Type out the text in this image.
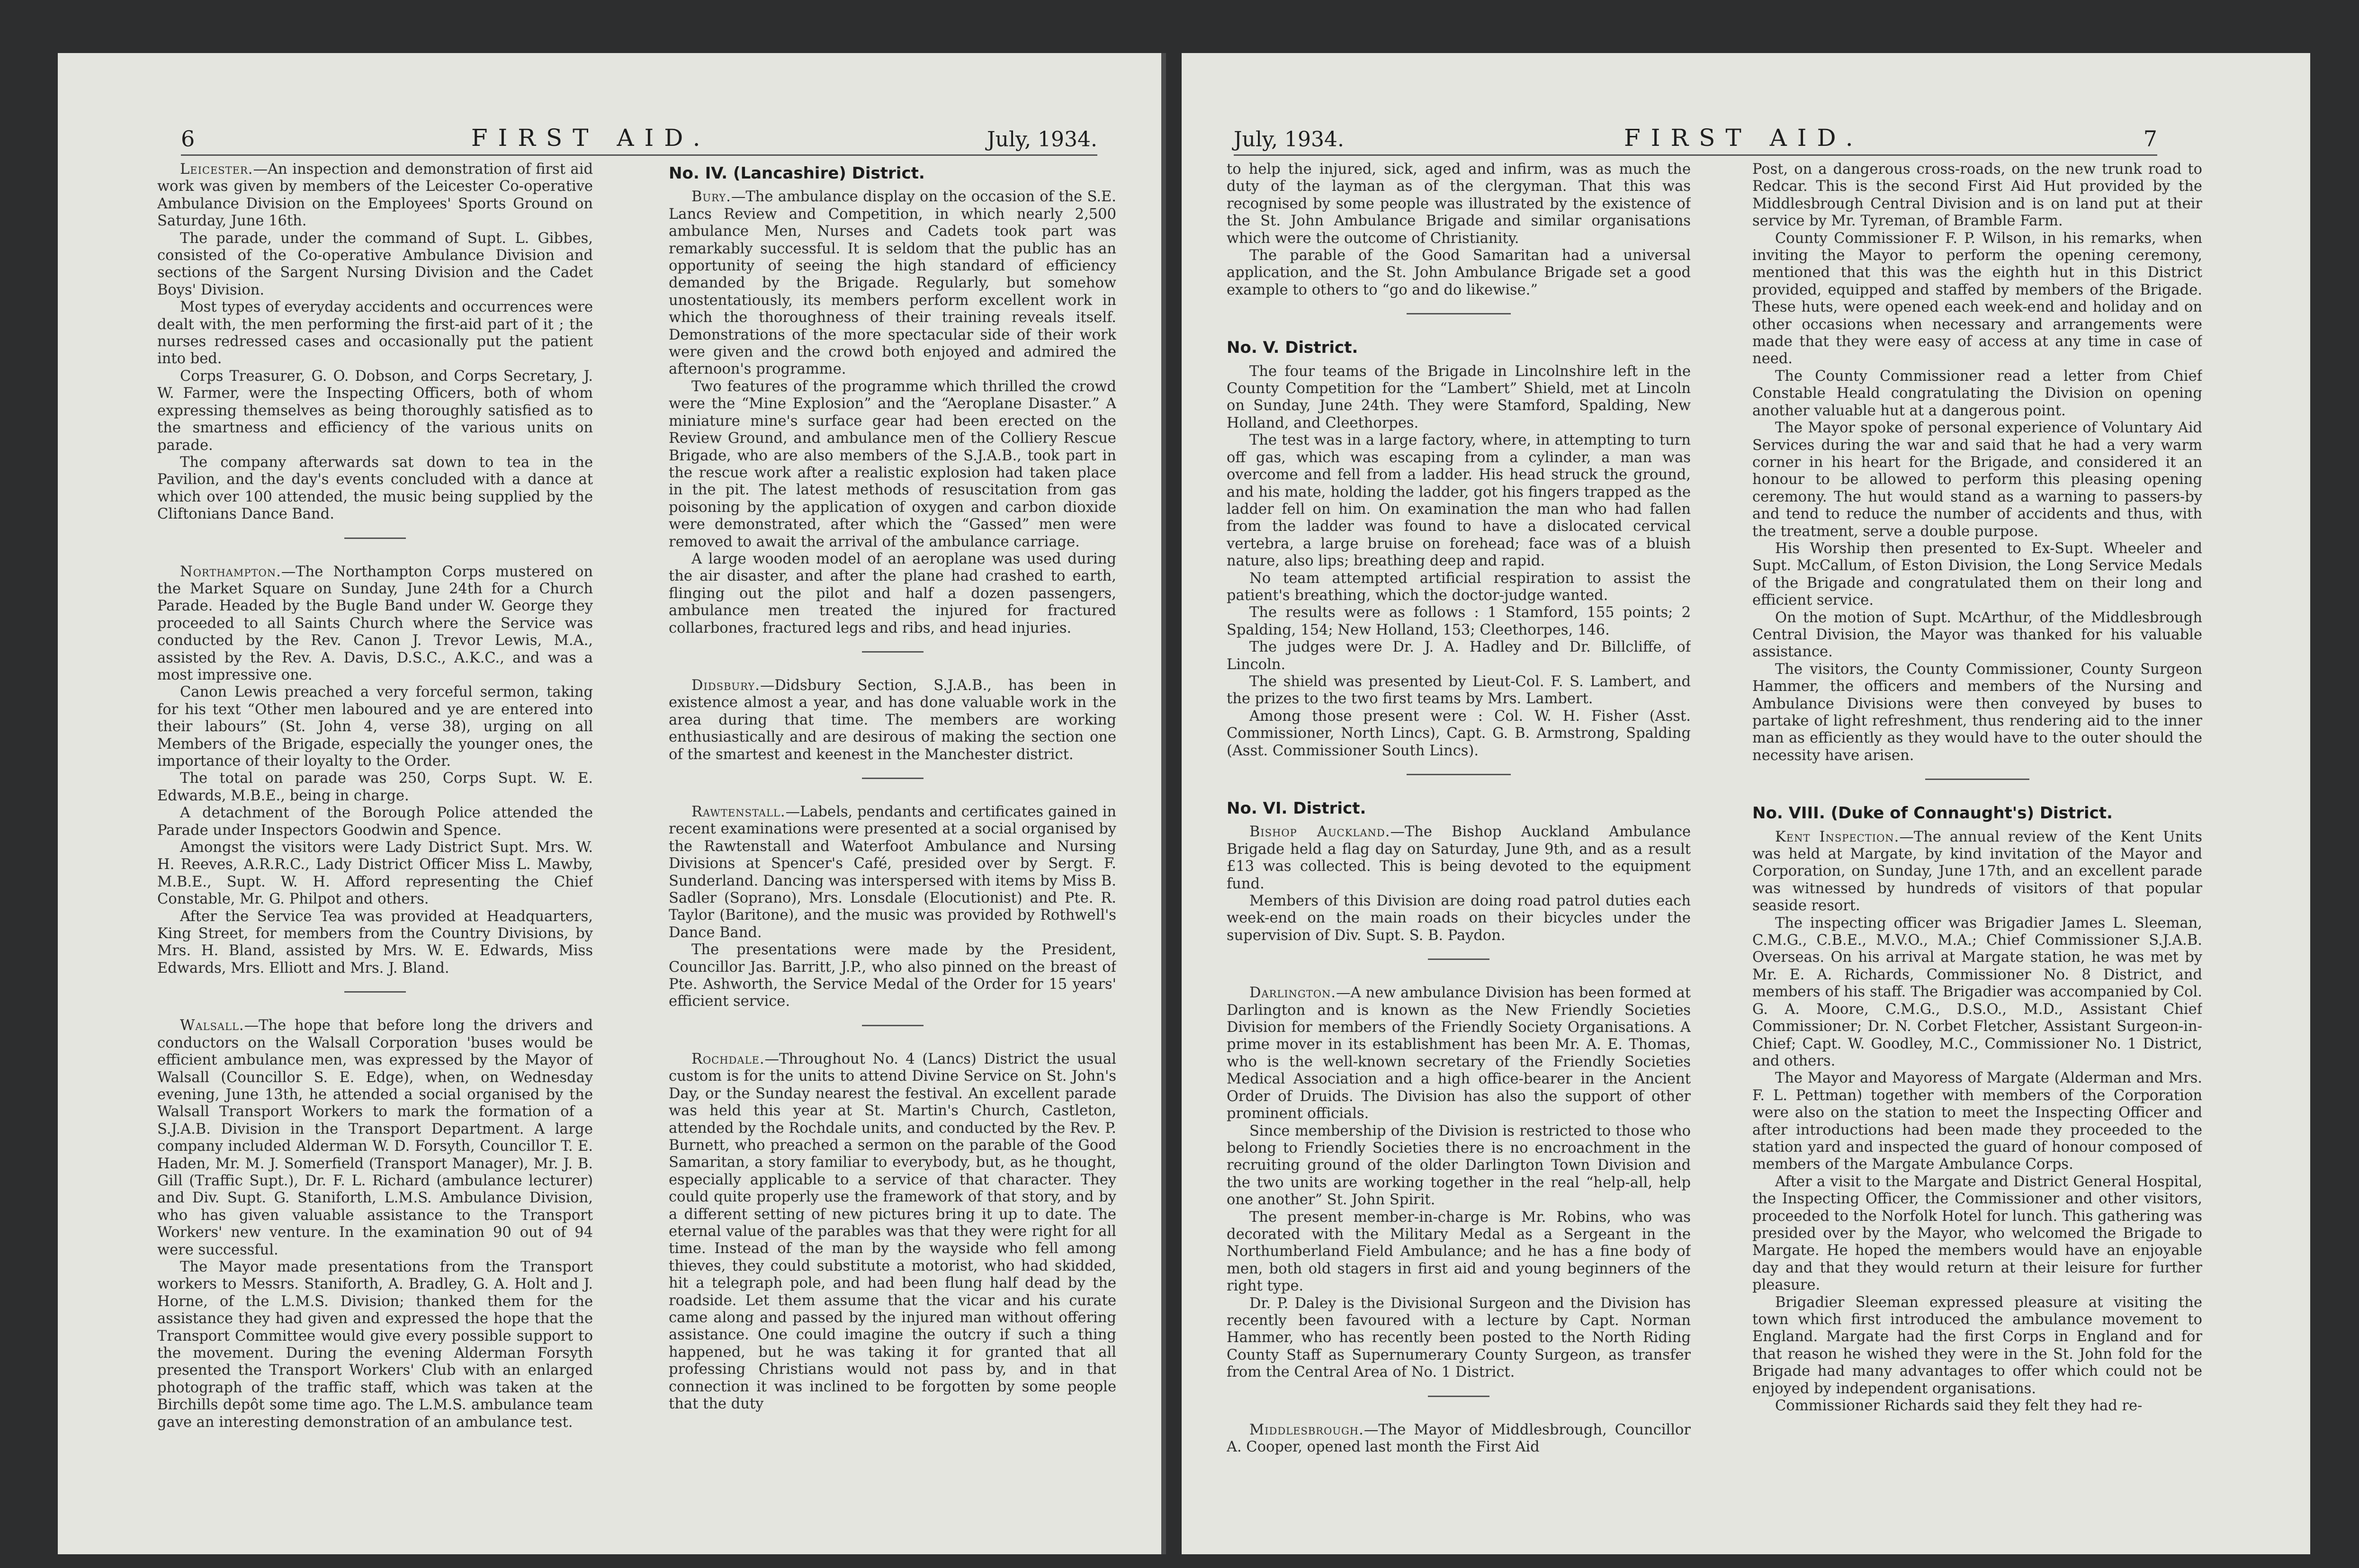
6	FIRST AID.	July, 1934.

Leicester.—An inspection and demonstration of first aid work was given by members of the Leicester Co-operative Ambulance Division on the Employees' Sports Ground on Saturday, June 16th.

The parade, under the command of Supt. L. Gibbes, consisted of the Co-operative Ambulance Division and sections of the Sargent Nursing Division and the Cadet Boys' Division.

Most types of everyday accidents and occurrences were dealt with, the men performing the first-aid part of it ; the nurses redressed cases and occasionally put the patient into bed.

Corps Treasurer, G. O. Dobson, and Corps Secretary, J. W. Farmer, were the Inspecting Officers, both of whom expressing themselves as being thoroughly satisfied as to the smartness and efficiency of the various units on parade.

The company afterwards sat down to tea in the Pavilion, and the day's events concluded with a dance at which over 100 attended, the music being supplied by the Cliftonians Dance Band.

Northampton.—The Northampton Corps mustered on the Market Square on Sunday, June 24th for a Church Parade. Headed by the Bugle Band under W. George they proceeded to all Saints Church where the Service was conducted by the Rev. Canon J. Trevor Lewis, M.A., assisted by the Rev. A. Davis, D.S.C., A.K.C., and was a most impressive one.

Canon Lewis preached a very forceful sermon, taking for his text “Other men laboured and ye are entered into their labours” (St. John 4, verse 38), urging on all Members of the Brigade, especially the younger ones, the importance of their loyalty to the Order.

The total on parade was 250, Corps Supt. W. E. Edwards, M.B.E., being in charge.

A detachment of the Borough Police attended the Parade under Inspectors Goodwin and Spence.

Amongst the visitors were Lady District Supt. Mrs. W. H. Reeves, A.R.R.C., Lady District Officer Miss L. Mawby, M.B.E., Supt. W. H. Afford representing the Chief Constable, Mr. G. Philpot and others.

After the Service Tea was provided at Headquarters, King Street, for members from the Country Divisions, by Mrs. H. Bland, assisted by Mrs. W. E. Edwards, Miss Edwards, Mrs. Elliott and Mrs. J. Bland.

Walsall.—The hope that before long the drivers and conductors on the Walsall Corporation 'buses would be efficient ambulance men, was expressed by the Mayor of Walsall (Councillor S. E. Edge), when, on Wednesday evening, June 13th, he attended a social organised by the Walsall Transport Workers to mark the formation of a S.J.A.B. Division in the Transport Department. A large company included Alderman W. D. Forsyth, Councillor T. E. Haden, Mr. M. J. Somerfield (Transport Manager), Mr. J. B. Gill (Traffic Supt.), Dr. F. L. Richard (ambulance lecturer) and Div. Supt. G. Staniforth, L.M.S. Ambulance Division, who has given valuable assistance to the Transport Workers' new venture. In the examination 90 out of 94 were successful.

The Mayor made presentations from the Transport workers to Messrs. Staniforth, A. Bradley, G. A. Holt and J. Horne, of the L.M.S. Division; thanked them for the assistance they had given and expressed the hope that the Transport Committee would give every possible support to the movement. During the evening Alderman Forsyth presented the Transport Workers' Club with an enlarged photograph of the traffic staff, which was taken at the Birchills depôt some time ago. The L.M.S. ambulance team gave an interesting demonstration of an ambulance test.

No. IV. (Lancashire) District.

Bury.—The ambulance display on the occasion of the S.E. Lancs Review and Competition, in which nearly 2,500 ambulance Men, Nurses and Cadets took part was remarkably successful. It is seldom that the public has an opportunity of seeing the high standard of efficiency demanded by the Brigade. Regularly, but somehow unostentatiously, its members perform excellent work in which the thoroughness of their training reveals itself. Demonstrations of the more spectacular side of their work were given and the crowd both enjoyed and admired the afternoon's programme.

Two features of the programme which thrilled the crowd were the “Mine Explosion” and the “Aeroplane Disaster.” A miniature mine's surface gear had been erected on the Review Ground, and ambulance men of the Colliery Rescue Brigade, who are also members of the S.J.A.B., took part in the rescue work after a realistic explosion had taken place in the pit. The latest methods of resuscitation from gas poisoning by the application of oxygen and carbon dioxide were demonstrated, after which the “Gassed” men were removed to await the arrival of the ambulance carriage.

A large wooden model of an aeroplane was used during the air disaster, and after the plane had crashed to earth, flinging out the pilot and half a dozen passengers, ambulance men treated the injured for fractured collarbones, fractured legs and ribs, and head injuries.

Didsbury.—Didsbury Section, S.J.A.B., has been in existence almost a year, and has done valuable work in the area during that time. The members are working enthusiastically and are desirous of making the section one of the smartest and keenest in the Manchester district.

Rawtenstall.—Labels, pendants and certificates gained in recent examinations were presented at a social organised by the Rawtenstall and Waterfoot Ambulance and Nursing Divisions at Spencer's Café, presided over by Sergt. F. Sunderland. Dancing was interspersed with items by Miss B. Sadler (Soprano), Mrs. Lonsdale (Elocutionist) and Pte. R. Taylor (Baritone), and the music was provided by Rothwell's Dance Band.

The presentations were made by the President, Councillor Jas. Barritt, J.P., who also pinned on the breast of Pte. Ashworth, the Service Medal of the Order for 15 years' efficient service.

Rochdale.—Throughout No. 4 (Lancs) District the usual custom is for the units to attend Divine Service on St. John's Day, or the Sunday nearest the festival. An excellent parade was held this year at St. Martin's Church, Castleton, attended by the Rochdale units, and conducted by the Rev. P. Burnett, who preached a sermon on the parable of the Good Samaritan, a story familiar to everybody, but, as he thought, especially applicable to a service of that character. They could quite properly use the framework of that story, and by a different setting of new pictures bring it up to date. The eternal value of the parables was that they were right for all time. Instead of the man by the wayside who fell among thieves, they could substitute a motorist, who had skidded, hit a telegraph pole, and had been flung half dead by the roadside. Let them assume that the vicar and his curate came along and passed by the injured man without offering assistance. One could imagine the outcry if such a thing happened, but he was taking it for granted that all professing Christians would not pass by, and in that connection it was inclined to be forgotten by some people that the duty

July, 1934.	FIRST AID.	7

to help the injured, sick, aged and infirm, was as much the duty of the layman as of the clergyman. That this was recognised by some people was illustrated by the existence of the St. John Ambulance Brigade and similar organisations which were the outcome of Christianity.

The parable of the Good Samaritan had a universal application, and the St. John Ambulance Brigade set a good example to others to “go and do likewise.”

No. V. District.

The four teams of the Brigade in Lincolnshire left in the County Competition for the “Lambert” Shield, met at Lincoln on Sunday, June 24th. They were Stamford, Spalding, New Holland, and Cleethorpes.

The test was in a large factory, where, in attempting to turn off gas, which was escaping from a cylinder, a man was overcome and fell from a ladder. His head struck the ground, and his mate, holding the ladder, got his fingers trapped as the ladder fell on him. On examination the man who had fallen from the ladder was found to have a dislocated cervical vertebra, a large bruise on forehead; face was of a bluish nature, also lips; breathing deep and rapid.

No team attempted artificial respiration to assist the patient's breathing, which the doctor-judge wanted.

The results were as follows : 1 Stamford, 155 points; 2 Spalding, 154; New Holland, 153; Cleethorpes, 146.

The judges were Dr. J. A. Hadley and Dr. Billcliffe, of Lincoln.

The shield was presented by Lieut-Col. F. S. Lambert, and the prizes to the two first teams by Mrs. Lambert.

Among those present were : Col. W. H. Fisher (Asst. Commissioner, North Lincs), Capt. G. B. Armstrong, Spalding (Asst. Commissioner South Lincs).

No. VI. District.

Bishop Auckland.—The Bishop Auckland Ambulance Brigade held a flag day on Saturday, June 9th, and as a result £13 was collected. This is being devoted to the equipment fund.

Members of this Division are doing road patrol duties each week-end on the main roads on their bicycles under the supervision of Div. Supt. S. B. Paydon.

Darlington.—A new ambulance Division has been formed at Darlington and is known as the New Friendly Societies Division for members of the Friendly Society Organisations. A prime mover in its establishment has been Mr. A. E. Thomas, who is the well-known secretary of the Friendly Societies Medical Association and a high office-bearer in the Ancient Order of Druids. The Division has also the support of other prominent officials.

Since membership of the Division is restricted to those who belong to Friendly Societies there is no encroachment in the recruiting ground of the older Darlington Town Division and the two units are working together in the real “help-all, help one another” St. John Spirit.

The present member-in-charge is Mr. Robins, who was decorated with the Military Medal as a Sergeant in the Northumberland Field Ambulance; and he has a fine body of men, both old stagers in first aid and young beginners of the right type.

Dr. P. Daley is the Divisional Surgeon and the Division has recently been favoured with a lecture by Capt. Norman Hammer, who has recently been posted to the North Riding County Staff as Supernumerary County Surgeon, as transfer from the Central Area of No. 1 District.

Middlesbrough.—The Mayor of Middlesbrough, Councillor A. Cooper, opened last month the First Aid

Post, on a dangerous cross-roads, on the new trunk road to Redcar. This is the second First Aid Hut provided by the Middlesbrough Central Division and is on land put at their service by Mr. Tyreman, of Bramble Farm.

County Commissioner F. P. Wilson, in his remarks, when inviting the Mayor to perform the opening ceremony, mentioned that this was the eighth hut in this District provided, equipped and staffed by members of the Brigade. These huts, were opened each week-end and holiday and on other occasions when necessary and arrangements were made that they were easy of access at any time in case of need.

The County Commissioner read a letter from Chief Constable Heald congratulating the Division on opening another valuable hut at a dangerous point.

The Mayor spoke of personal experience of Voluntary Aid Services during the war and said that he had a very warm corner in his heart for the Brigade, and considered it an honour to be allowed to perform this pleasing opening ceremony. The hut would stand as a warning to passers-by and tend to reduce the number of accidents and thus, with the treatment, serve a double purpose.

His Worship then presented to Ex-Supt. Wheeler and Supt. McCallum, of Eston Division, the Long Service Medals of the Brigade and congratulated them on their long and efficient service.

On the motion of Supt. McArthur, of the Middlesbrough Central Division, the Mayor was thanked for his valuable assistance.

The visitors, the County Commissioner, County Surgeon Hammer, the officers and members of the Nursing and Ambulance Divisions were then conveyed by buses to partake of light refreshment, thus rendering aid to the inner man as efficiently as they would have to the outer should the necessity have arisen.

No. VIII. (Duke of Connaught's) District.

Kent Inspection.—The annual review of the Kent Units was held at Margate, by kind invitation of the Mayor and Corporation, on Sunday, June 17th, and an excellent parade was witnessed by hundreds of visitors of that popular seaside resort.

The inspecting officer was Brigadier James L. Sleeman, C.M.G., C.B.E., M.V.O., M.A.; Chief Commissioner S.J.A.B. Overseas. On his arrival at Margate station, he was met by Mr. E. A. Richards, Commissioner No. 8 District, and members of his staff. The Brigadier was accompanied by Col. G. A. Moore, C.M.G., D.S.O., M.D., Assistant Chief Commissioner; Dr. N. Corbet Fletcher, Assistant Surgeon-in-Chief; Capt. W. Goodley, M.C., Commissioner No. 1 District, and others.

The Mayor and Mayoress of Margate (Alderman and Mrs. F. L. Pettman) together with members of the Corporation were also on the station to meet the Inspecting Officer and after introductions had been made they proceeded to the station yard and inspected the guard of honour composed of members of the Margate Ambulance Corps.

After a visit to the Margate and District General Hospital, the Inspecting Officer, the Commissioner and other visitors, proceeded to the Norfolk Hotel for lunch. This gathering was presided over by the Mayor, who welcomed the Brigade to Margate. He hoped the members would have an enjoyable day and that they would return at their leisure for further pleasure.

Brigadier Sleeman expressed pleasure at visiting the town which first introduced the ambulance movement to England. Margate had the first Corps in England and for that reason he wished they were in the St. John fold for the Brigade had many advantages to offer which could not be enjoyed by independent organisations.

Commissioner Richards said they felt they had re-
